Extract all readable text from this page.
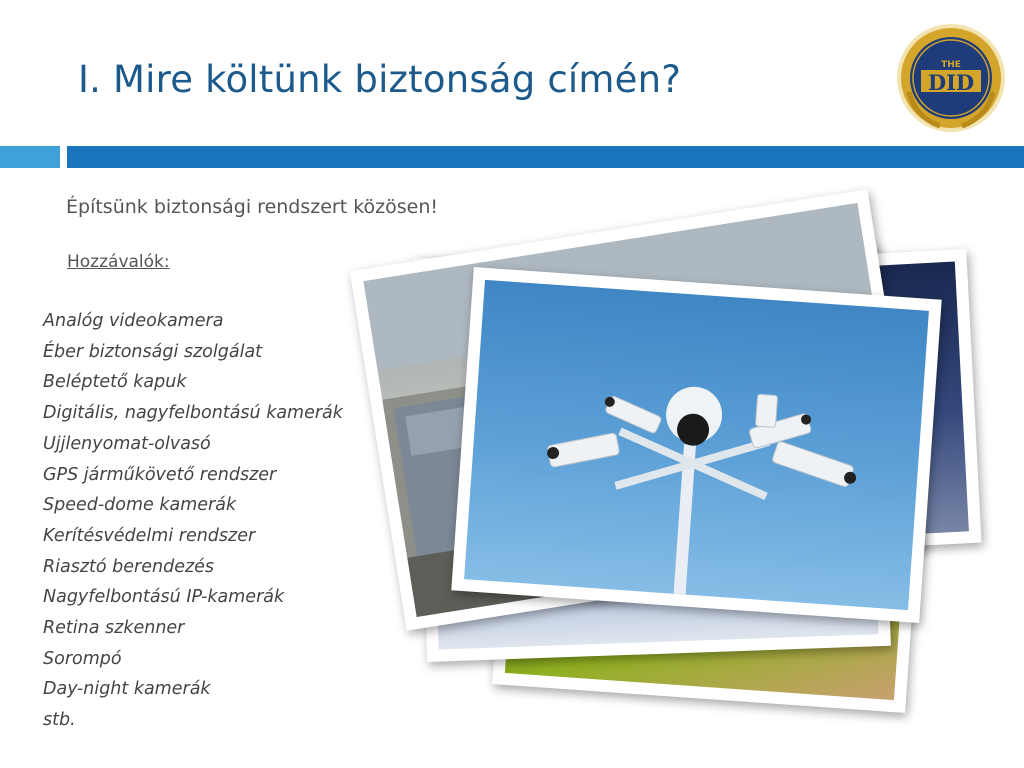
I. Mire költünk biztonság címén?	THE
DID
Építsünk biztonsági rendszert közösen!
Hozzávalók:
Analóg videokamera
Éber biztonsági szolgálat
Beléptető kapuk
Digitális, nagyfelbontású kamerák
Ujjlenyomat-olvasó
GPS járműkövető rendszer
Speed-dome kamerák
Kerítésvédelmi rendszer
Riasztó berendezés
Nagyfelbontású IP-kamerák
Retina szkenner
Sorompó
Day-night kamerák
stb.
